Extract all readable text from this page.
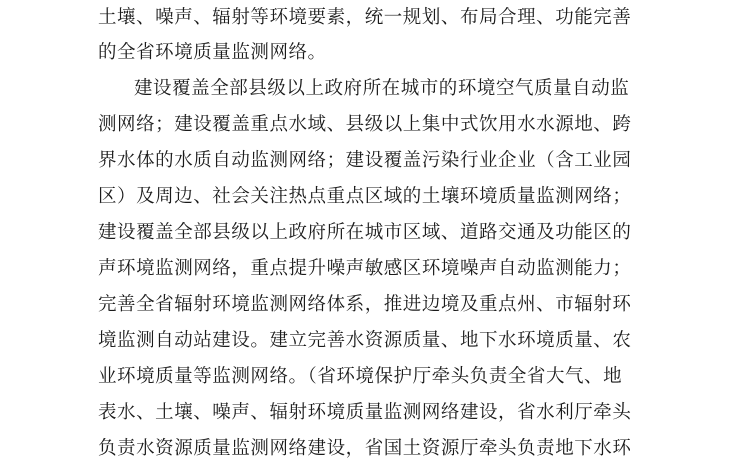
土壤、噪声、辐射等环境要素，统一规划、布局合理、功能完善
的全省环境质量监测网络。
建设覆盖全部县级以上政府所在城市的环境空气质量自动监
测网络；建设覆盖重点水域、县级以上集中式饮用水水源地、跨
界水体的水质自动监测网络；建设覆盖污染行业企业（含工业园
区）及周边、社会关注热点重点区域的土壤环境质量监测网络；
建设覆盖全部县级以上政府所在城市区域、道路交通及功能区的
声环境监测网络，重点提升噪声敏感区环境噪声自动监测能力；
完善全省辐射环境监测网络体系，推进边境及重点州、市辐射环
境监测自动站建设。建立完善水资源质量、地下水环境质量、农
业环境质量等监测网络。（省环境保护厅牵头负责全省大气、地
表水、土壤、噪声、辐射环境质量监测网络建设，省水利厅牵头
负责水资源质量监测网络建设，省国土资源厅牵头负责地下水环
